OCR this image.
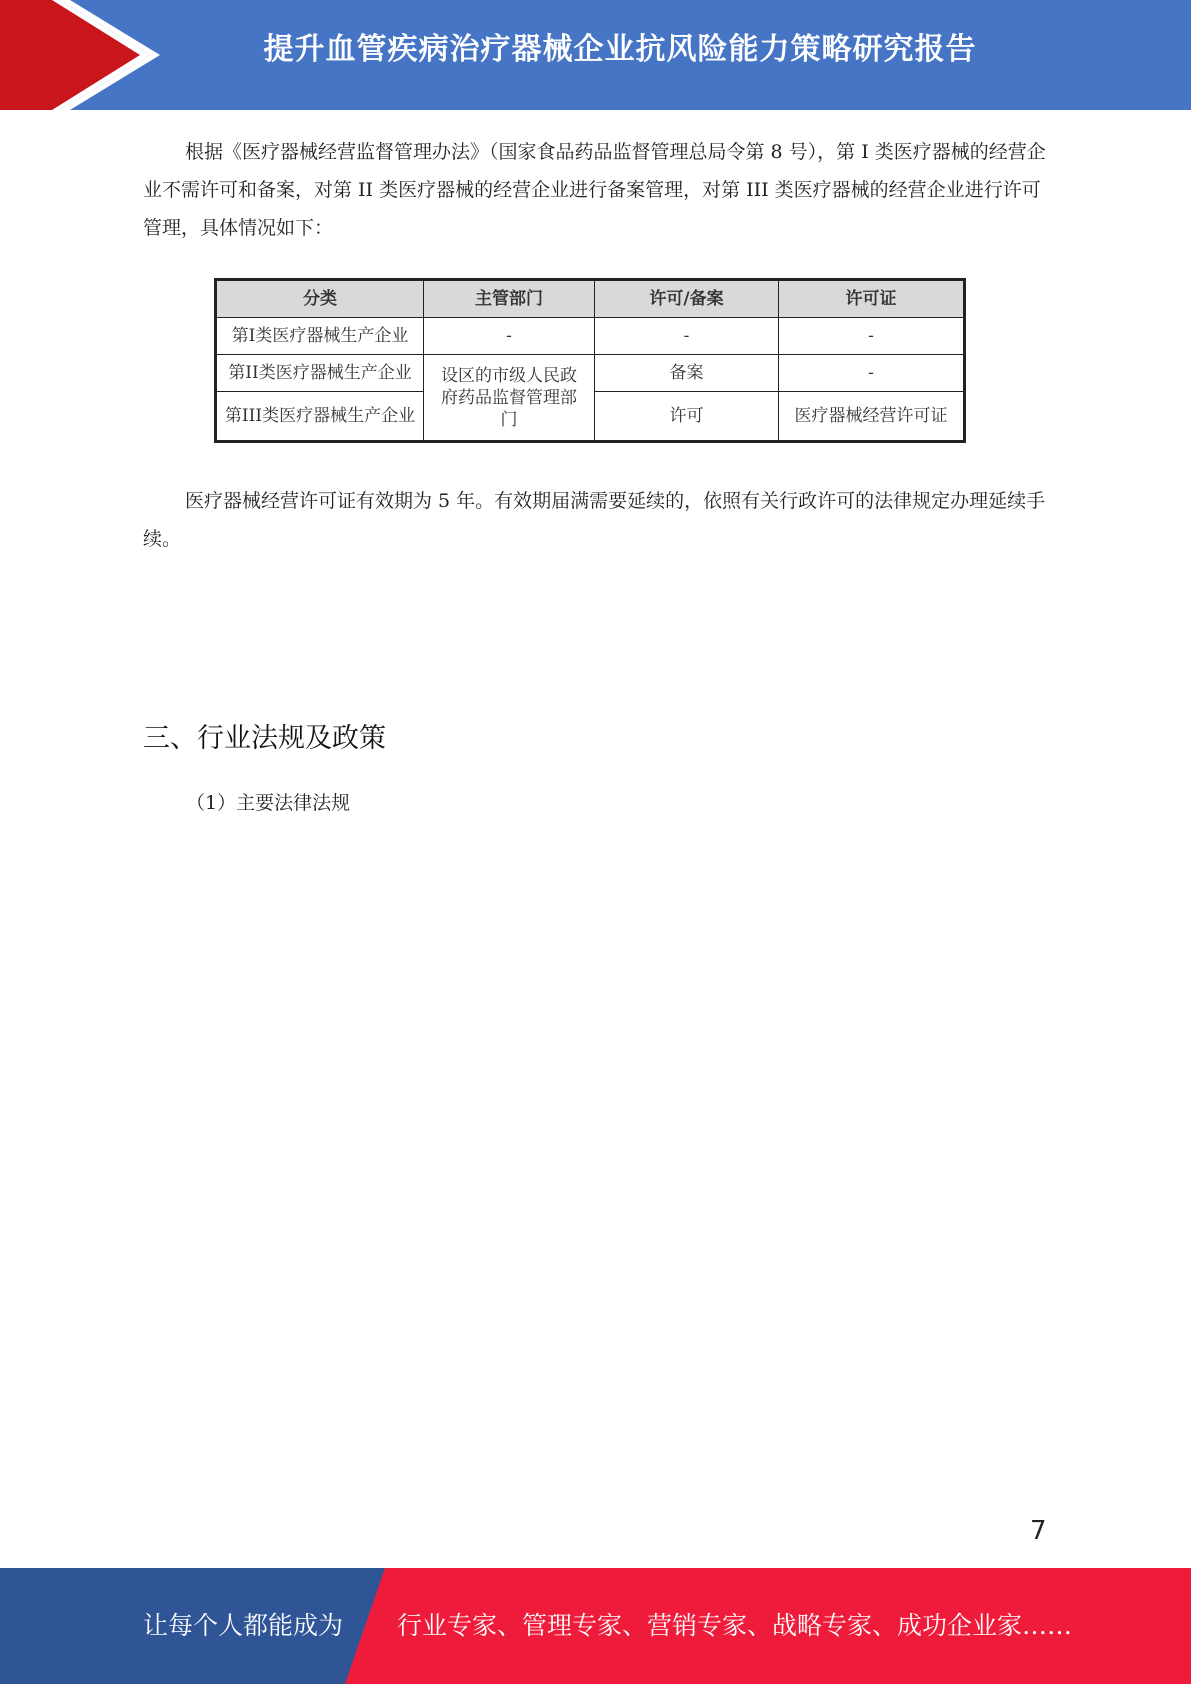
提升血管疾病治疗器械企业抗风险能力策略研究报告

根据《医疗器械经营监督管理办法》（国家食品药品监督管理总局令第 8 号），第 I 类医疗器械的经营企业不需许可和备案，对第 II 类医疗器械的经营企业进行备案管理，对第 III 类医疗器械的经营企业进行许可管理，具体情况如下：

分类	主管部门	许可/备案	许可证
第I类医疗器械生产企业	-	-	-
第II类医疗器械生产企业	设区的市级人民政府药品监督管理部门	备案	-
第III类医疗器械生产企业		许可	医疗器械经营许可证

医疗器械经营许可证有效期为 5 年。有效期届满需要延续的，依照有关行政许可的法律规定办理延续手续。

三、行业法规及政策

（1）主要法律法规

7
让每个人都能成为 行业专家、管理专家、营销专家、战略专家、成功企业家……
